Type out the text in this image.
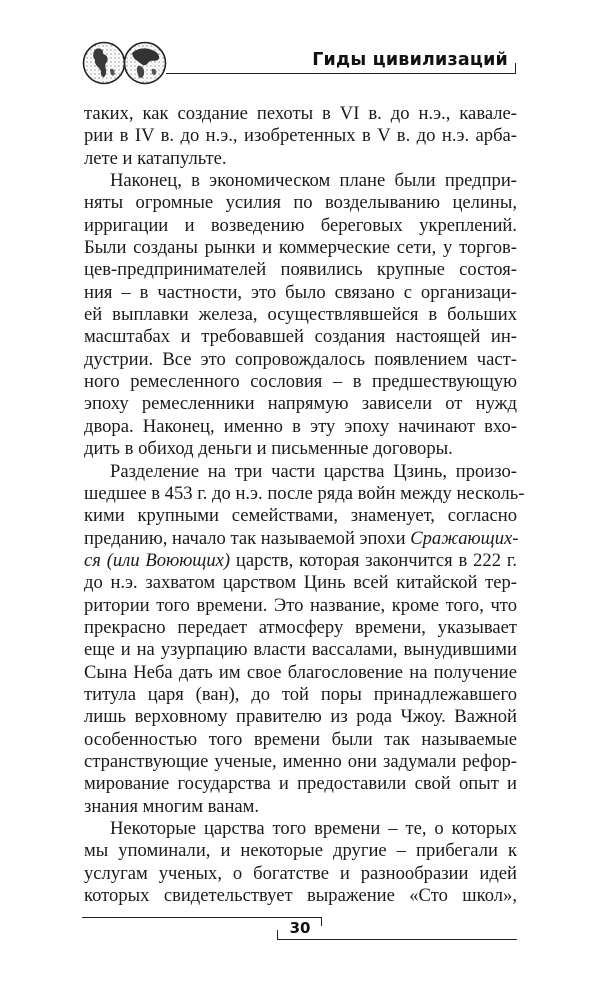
Гиды цивилизаций
таких, как создание пехоты в VI в. до н.э., кавале-
рии в IV в. до н.э., изобретенных в V в. до н.э. арба-
лете и катапульте.
Наконец, в экономическом плане были предпри-
няты огромные усилия по возделыванию целины,
ирригации и возведению береговых укреплений.
Были созданы рынки и коммерческие сети, у торгов-
цев-предпринимателей появились крупные состоя-
ния – в частности, это было связано с организаци-
ей выплавки железа, осуществлявшейся в больших
масштабах и требовавшей создания настоящей ин-
дустрии. Все это сопровождалось появлением част-
ного ремесленного сословия – в предшествующую
эпоху ремесленники напрямую зависели от нужд
двора. Наконец, именно в эту эпоху начинают вхо-
дить в обиход деньги и письменные договоры.
Разделение на три части царства Цзинь, произо-
шедшее в 453 г. до н.э. после ряда войн между несколь-
кими крупными семействами, знаменует, согласно
преданию, начало так называемой эпохи Сражающих-
ся (или Воюющих) царств, которая закончится в 222 г.
до н.э. захватом царством Цинь всей китайской тер-
ритории того времени. Это название, кроме того, что
прекрасно передает атмосферу времени, указывает
еще и на узурпацию власти вассалами, вынудившими
Сына Неба дать им свое благословение на получение
титула царя (ван), до той поры принадлежавшего
лишь верховному правителю из рода Чжоу. Важной
особенностью того времени были так называемые
странствующие ученые, именно они задумали рефор-
мирование государства и предоставили свой опыт и
знания многим ванам.
Некоторые царства того времени – те, о которых
мы упоминали, и некоторые другие – прибегали к
услугам ученых, о богатстве и разнообразии идей
которых свидетельствует выражение «Сто школ»,
30
